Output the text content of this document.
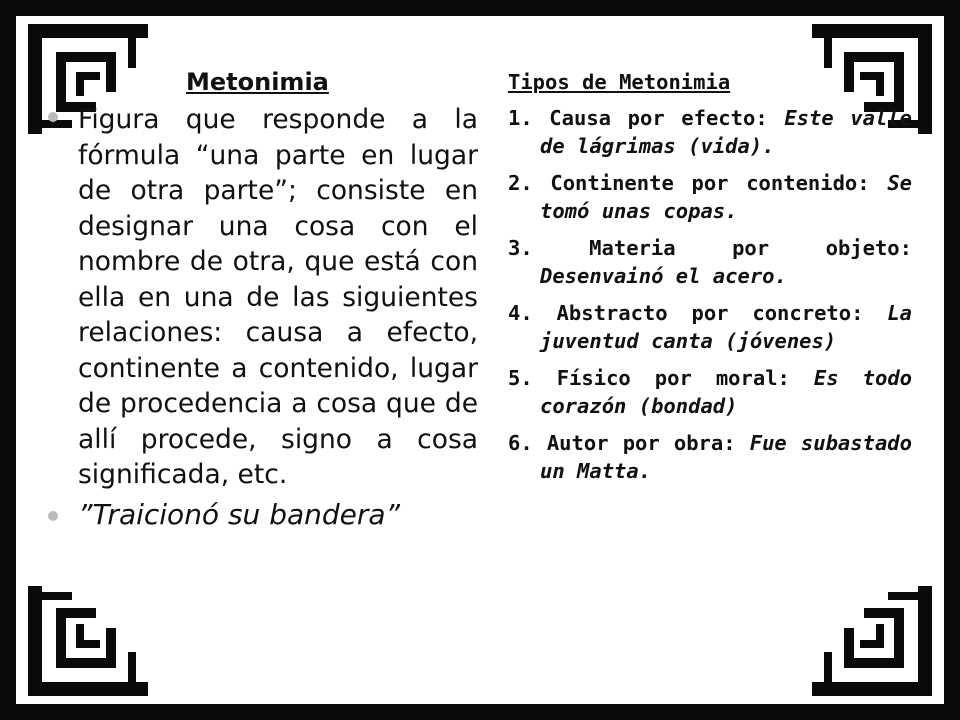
Metonimia

Figura que responde a la fórmula “una parte en lugar de otra parte”; consiste en designar una cosa con el nombre de otra, que está con ella en una de las siguientes relaciones: causa a efecto, continente a contenido, lugar de procedencia a cosa que de allí procede, signo a cosa significada, etc.

”Traicionó su bandera”
Tipos de Metonimia
1. Causa por efecto: Este valle de lágrimas (vida).
2. Continente por contenido: Se tomó unas copas.
3. Materia por objeto: Desenvainó el acero.
4. Abstracto por concreto: La juventud canta (jóvenes)
5. Físico por moral: Es todo corazón (bondad)
6. Autor por obra: Fue subastado un Matta.
